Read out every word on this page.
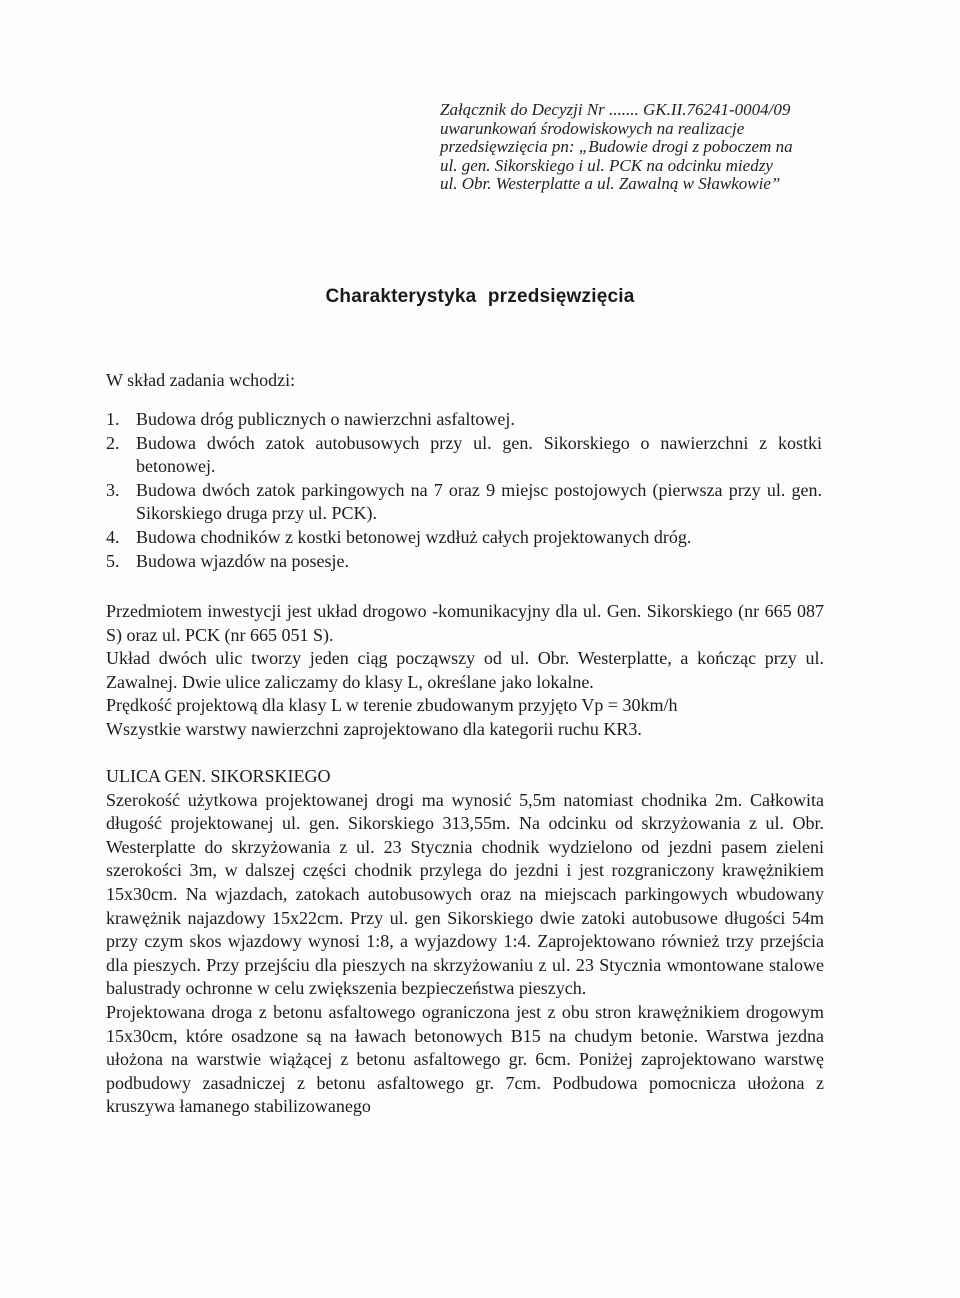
Załącznik do Decyzji Nr ....... GK.II.76241-0004/09
uwarunkowań środowiskowych na realizacje
przedsięwzięcia pn: „Budowie drogi z poboczem na
ul. gen. Sikorskiego i ul. PCK na odcinku miedzy
ul. Obr. Westerplatte a ul. Zawalną w Sławkowie”
Charakterystyka przedsięwzięcia
W skład zadania wchodzi:
1. Budowa dróg publicznych o nawierzchni asfaltowej.
2. Budowa dwóch zatok autobusowych przy ul. gen. Sikorskiego o nawierzchni z kostki betonowej.
3. Budowa dwóch zatok parkingowych na 7 oraz 9 miejsc postojowych (pierwsza przy ul. gen. Sikorskiego druga przy ul. PCK).
4. Budowa chodników z kostki betonowej wzdłuż całych projektowanych dróg.
5. Budowa wjazdów na posesje.

Przedmiotem inwestycji jest układ drogowo -komunikacyjny dla ul. Gen. Sikorskiego (nr 665 087 S) oraz ul. PCK (nr 665 051 S).

Układ dwóch ulic tworzy jeden ciąg począwszy od ul. Obr. Westerplatte, a kończąc przy ul. Zawalnej. Dwie ulice zaliczamy do klasy L, określane jako lokalne.

Prędkość projektową dla klasy L w terenie zbudowanym przyjęto Vp = 30km/h

Wszystkie warstwy nawierzchni zaprojektowano dla kategorii ruchu KR3.

ULICA GEN. SIKORSKIEGO

Szerokość użytkowa projektowanej drogi ma wynosić 5,5m natomiast chodnika 2m. Całkowita długość projektowanej ul. gen. Sikorskiego 313,55m. Na odcinku od skrzyżowania z ul. Obr. Westerplatte do skrzyżowania z ul. 23 Stycznia chodnik wydzielono od jezdni pasem zieleni szerokości 3m, w dalszej części chodnik przylega do jezdni i jest rozgraniczony krawężnikiem 15x30cm. Na wjazdach, zatokach autobusowych oraz na miejscach parkingowych wbudowany krawężnik najazdowy 15x22cm. Przy ul. gen Sikorskiego dwie zatoki autobusowe długości 54m przy czym skos wjazdowy wynosi 1:8, a wyjazdowy 1:4. Zaprojektowano również trzy przejścia dla pieszych. Przy przejściu dla pieszych na skrzyżowaniu z ul. 23 Stycznia wmontowane stalowe balustrady ochronne w celu zwiększenia bezpieczeństwa pieszych.

Projektowana droga z betonu asfaltowego ograniczona jest z obu stron krawężnikiem drogowym 15x30cm, które osadzone są na ławach betonowych B15 na chudym betonie. Warstwa jezdna ułożona na warstwie wiążącej z betonu asfaltowego gr. 6cm. Poniżej zaprojektowano warstwę podbudowy zasadniczej z betonu asfaltowego gr. 7cm. Podbudowa pomocnicza ułożona z kruszywa łamanego stabilizowanego
